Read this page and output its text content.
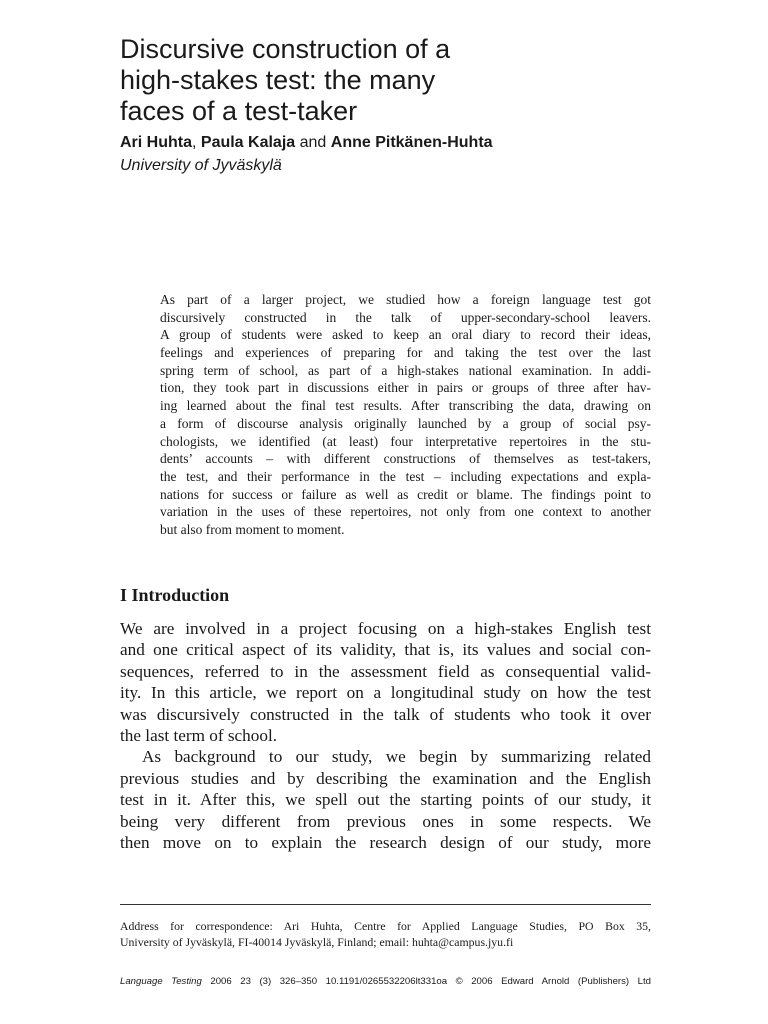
Discursive construction of a
high-stakes test: the many
faces of a test-taker
Ari Huhta, Paula Kalaja and Anne Pitkänen-Huhta
University of Jyväskylä
As part of a larger project, we studied how a foreign language test got
discursively constructed in the talk of upper-secondary-school leavers.
A group of students were asked to keep an oral diary to record their ideas,
feelings and experiences of preparing for and taking the test over the last
spring term of school, as part of a high-stakes national examination. In addi-
tion, they took part in discussions either in pairs or groups of three after hav-
ing learned about the final test results. After transcribing the data, drawing on
a form of discourse analysis originally launched by a group of social psy-
chologists, we identified (at least) four interpretative repertoires in the stu-
dents’ accounts – with different constructions of themselves as test-takers,
the test, and their performance in the test – including expectations and expla-
nations for success or failure as well as credit or blame. The findings point to
variation in the uses of these repertoires, not only from one context to another
but also from moment to moment.
I Introduction
We are involved in a project focusing on a high-stakes English test
and one critical aspect of its validity, that is, its values and social con-
sequences, referred to in the assessment field as consequential valid-
ity. In this article, we report on a longitudinal study on how the test
was discursively constructed in the talk of students who took it over
the last term of school.
As background to our study, we begin by summarizing related
previous studies and by describing the examination and the English
test in it. After this, we spell out the starting points of our study, it
being very different from previous ones in some respects. We
then move on to explain the research design of our study, more
Address for correspondence: Ari Huhta, Centre for Applied Language Studies, PO Box 35,
University of Jyväskylä, FI-40014 Jyväskylä, Finland; email: huhta@campus.jyu.fi
Language Testing 2006 23 (3) 326–350 10.1191/0265532206lt331oa © 2006 Edward Arnold (Publishers) Ltd
